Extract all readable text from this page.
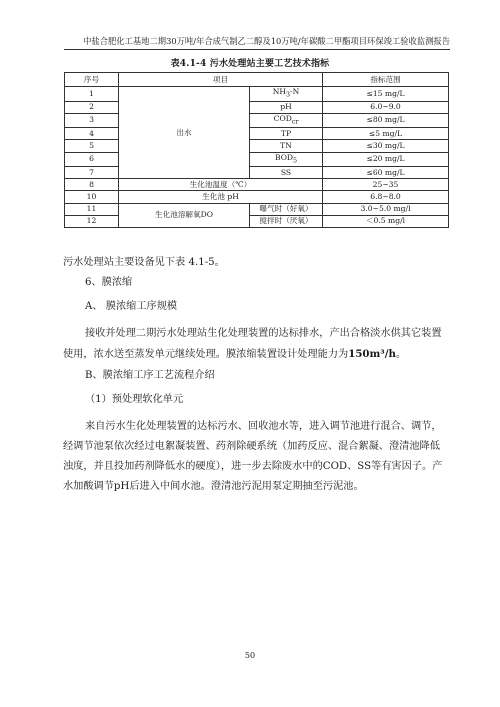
中盐合肥化工基地二期30万吨/年合成气制乙二醇及10万吨/年碳酸二甲酯项目环保竣工验收监测报告
表4.1-4 污水处理站主要工艺技术指标
序号	项目		指标范围
1	出水	$NH_3-N$	≤15 mg/L
2		pH	6.0~9.0
3		$COD_{cr}$	≤80 mg/L
4		TP	≤5 mg/L
5		TN	≤30 mg/L
6		$BOD_5$	≤20 mg/L
7		SS	≤60 mg/L
8	生化池温度（℃）		25~35
10	生化池 pH		6.8~8.0
11	生化池溶解氧DO	曝气时（好氧）	3.0~5.0 mg/l
12		搅拌时（厌氧）	＜0.5 mg/l
污水处理站主要设备见下表 4.1-5。
6、膜浓缩
A、 膜浓缩工序规模
接收并处理二期污水处理站生化处理装置的达标排水，产出合格淡水供其它装置使用，浓水送至蒸发单元继续处理。膜浓缩装置设计处理能力为150m³/h。
B、膜浓缩工序工艺流程介绍
（1）预处理软化单元
来自污水生化处理装置的达标污水、回收池水等，进入调节池进行混合、调节，经调节池泵依次经过电絮凝装置、药剂除硬系统（加药反应、混合絮凝、澄清池降低浊度，并且投加药剂降低水的硬度），进一步去除废水中的COD、SS等有害因子。产水加酸调节pH后进入中间水池。澄清池污泥用泵定期抽至污泥池。
50
